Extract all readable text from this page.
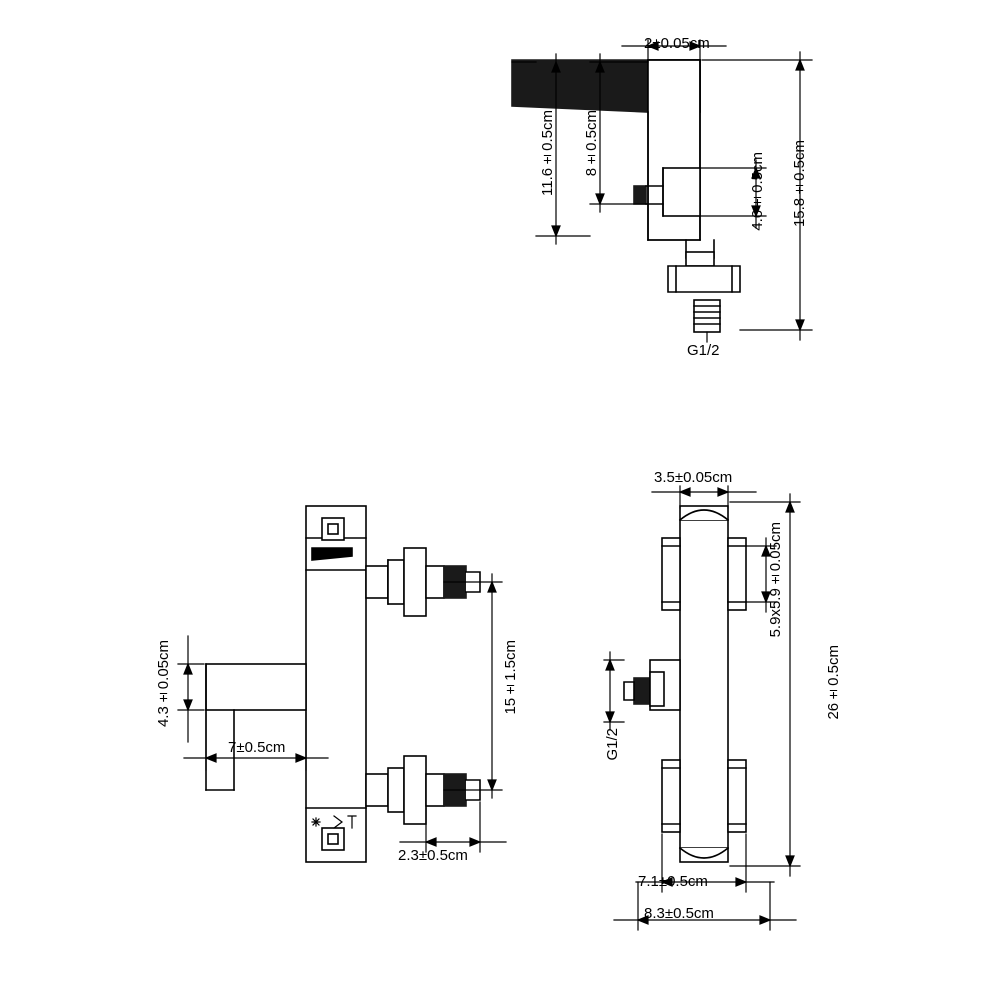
2±0.05cm
15.8±0.5cm
11.6±0.5cm 8±0.5cm
4.6±0.5cm
G1/2
4.3±0.05cm
7±0.5cm
15±1.5cm
2.3±0.5cm
3.5±0.05cm
5.9x5.9±0.05cm
26±0.5cm
G1/2
7.1±0.5cm
8.3±0.5cm
